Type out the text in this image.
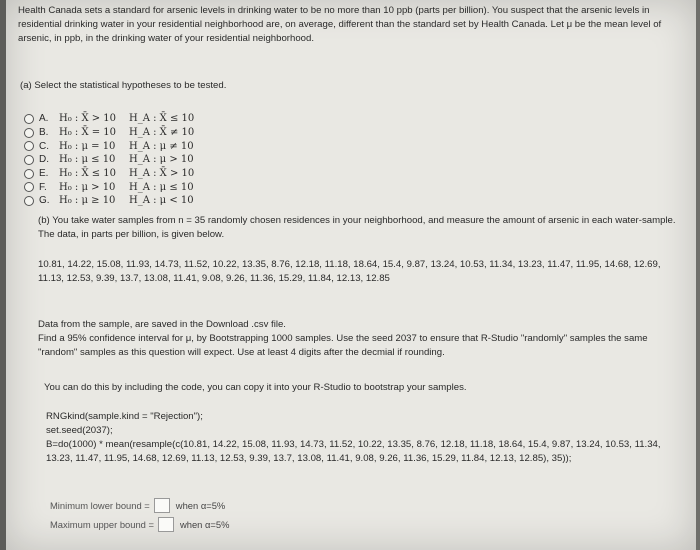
Health Canada sets a standard for arsenic levels in drinking water to be no more than 10 ppb (parts per billion). You suspect that the arsenic levels in residential drinking water in your residential neighborhood are, on average, different than the standard set by Health Canada. Let μ be the mean level of arsenic, in ppb, in the drinking water of your residential neighborhood.
(a) Select the statistical hypotheses to be tested.
A.	H₀ : X̄ > 10	H_A : X̄ ≤ 10
B.	H₀ : X̄ = 10	H_A : X̄ ≠ 10
C.	H₀ : μ = 10	H_A : μ ≠ 10
D.	H₀ : μ ≤ 10	H_A : μ > 10
E.	H₀ : X̄ ≤ 10	H_A : X̄ > 10
F.	H₀ : μ > 10	H_A : μ ≤ 10
G. H₀ : μ ≥ 10	H_A : μ < 10
(b) You take water samples from n = 35 randomly chosen residences in your neighborhood, and measure the amount of arsenic in each water-sample. The data, in parts per billion, is given below.
10.81, 14.22, 15.08, 11.93, 14.73, 11.52, 10.22, 13.35, 8.76, 12.18, 11.18, 18.64, 15.4, 9.87, 13.24, 10.53, 11.34, 13.23, 11.47, 11.95, 14.68, 12.69, 11.13, 12.53, 9.39, 13.7, 13.08, 11.41, 9.08, 9.26, 11.36, 15.29, 11.84, 12.13, 12.85
Data from the sample, are saved in the Download .csv file.
Find a 95% confidence interval for μ, by Bootstrapping 1000 samples. Use the seed 2037 to ensure that R-Studio "randomly" samples the same "random" samples as this question will expect. Use at least 4 digits after the decmial if rounding.
You can do this by including the code, you can copy it into your R-Studio to bootstrap your samples.
RNGkind(sample.kind = "Rejection");
set.seed(2037);
B=do(1000) * mean(resample(c(10.81, 14.22, 15.08, 11.93, 14.73, 11.52, 10.22, 13.35, 8.76, 12.18, 11.18, 18.64, 15.4, 9.87, 13.24, 10.53, 11.34,
13.23, 11.47, 11.95, 14.68, 12.69, 11.13, 12.53, 9.39, 13.7, 13.08, 11.41, 9.08, 9.26, 11.36, 15.29, 11.84, 12.13, 12.85), 35));
Minimum lower bound =	when α=5%
Maximum upper bound =	when α=5%
